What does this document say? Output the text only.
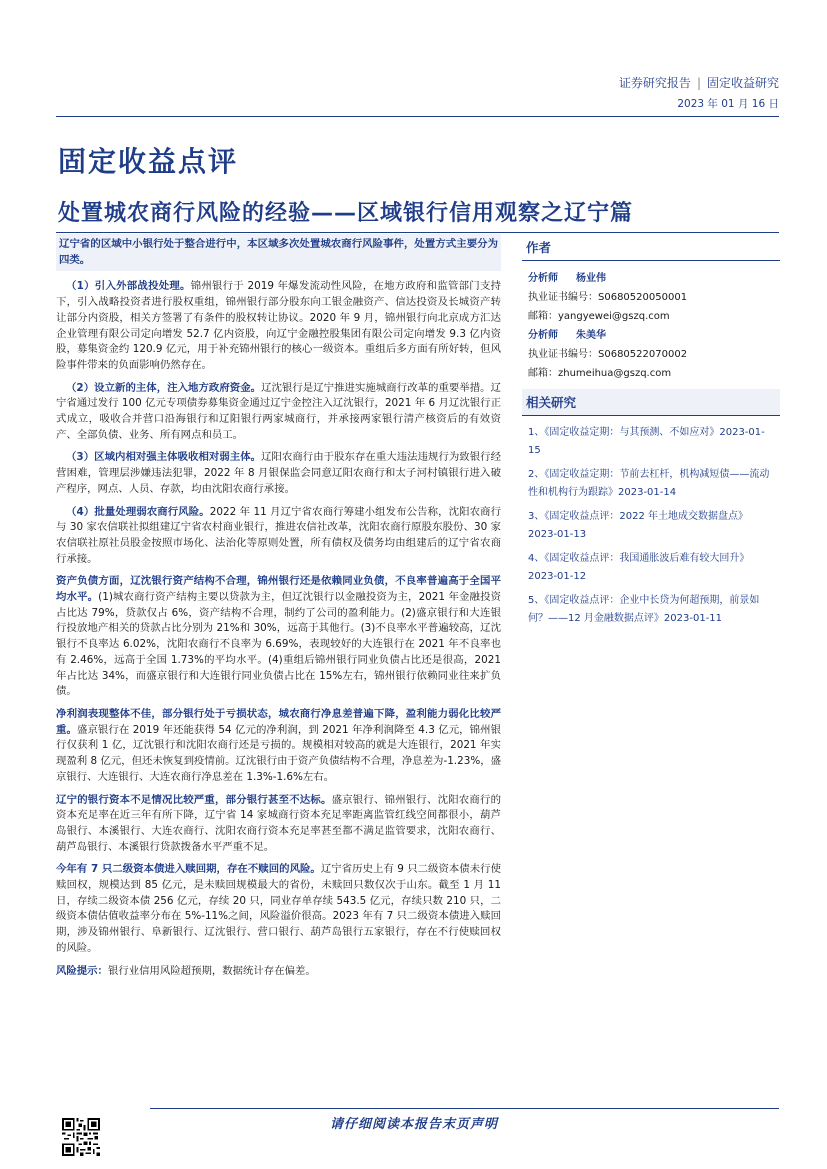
证券研究报告 | 固定收益研究
2023 年 01 月 16 日
固定收益点评
处置城农商行风险的经验——区域银行信用观察之辽宁篇

辽宁省的区域中小银行处于整合进行中，本区域多次处置城农商行风险事件，处置方式主要分为四类。

（1）引入外部战投处理。锦州银行于 2019 年爆发流动性风险，在地方政府和监管部门支持下，引入战略投资者进行股权重组，锦州银行部分股东向工银金融资产、信达投资及长城资产转让部分内资股，相关方签署了有条件的股权转让协议。2020 年 9 月，锦州银行向北京成方汇达企业管理有限公司定向增发 52.7 亿内资股，向辽宁金融控股集团有限公司定向增发 9.3 亿内资股，募集资金约 120.9 亿元，用于补充锦州银行的核心一级资本。重组后多方面有所好转，但风险事件带来的负面影响仍然存在。

（2）设立新的主体，注入地方政府资金。辽沈银行是辽宁推进实施城商行改革的重要举措。辽宁省通过发行 100 亿元专项债券募集资金通过辽宁金控注入辽沈银行，2021 年 6 月辽沈银行正式成立，吸收合并营口沿海银行和辽阳银行两家城商行，并承接两家银行清产核资后的有效资产、全部负债、业务、所有网点和员工。

（3）区域内相对强主体吸收相对弱主体。辽阳农商行由于股东存在重大违法违规行为致银行经营困难，管理层涉嫌违法犯罪，2022 年 8 月银保监会同意辽阳农商行和太子河村镇银行进入破产程序，网点、人员、存款，均由沈阳农商行承接。

（4）批量处理弱农商行风险。2022 年 11 月辽宁省农商行筹建小组发布公告称，沈阳农商行与 30 家农信联社拟组建辽宁省农村商业银行，推进农信社改革，沈阳农商行原股东股份、30 家农信联社原社员股金按照市场化、法治化等原则处置，所有债权及债务均由组建后的辽宁省农商行承接。

资产负债方面，辽沈银行资产结构不合理，锦州银行还是依赖同业负债，不良率普遍高于全国平均水平。(1)城农商行资产结构主要以贷款为主，但辽沈银行以金融投资为主，2021 年金融投资占比达 79%，贷款仅占 6%，资产结构不合理，制约了公司的盈利能力。(2)盛京银行和大连银行投放地产相关的贷款占比分别为 21%和 30%，远高于其他行。(3)不良率水平普遍较高，辽沈银行不良率达 6.02%，沈阳农商行不良率为 6.69%，表现较好的大连银行在 2021 年不良率也有 2.46%，远高于全国 1.73%的平均水平。(4)重组后锦州银行同业负债占比还是很高，2021 年占比达 34%，而盛京银行和大连银行同业负债占比在 15%左右，锦州银行依赖同业往来扩负债。

净利润表现整体不佳，部分银行处于亏损状态，城农商行净息差普遍下降，盈利能力弱化比较严重。盛京银行在 2019 年还能获得 54 亿元的净利润，到 2021 年净利润降至 4.3 亿元，锦州银行仅获利 1 亿，辽沈银行和沈阳农商行还是亏损的。规模相对较高的就是大连银行，2021 年实现盈利 8 亿元，但还未恢复到疫情前。辽沈银行由于资产负债结构不合理，净息差为-1.23%，盛京银行、大连银行、大连农商行净息差在 1.3%-1.6%左右。

辽宁的银行资本不足情况比较严重，部分银行甚至不达标。盛京银行、锦州银行、沈阳农商行的资本充足率在近三年有所下降，辽宁省 14 家城商行资本充足率距离监管红线空间都很小，葫芦岛银行、本溪银行、大连农商行、沈阳农商行资本充足率甚至都不满足监管要求，沈阳农商行、葫芦岛银行、本溪银行贷款拨备水平严重不足。

今年有 7 只二级资本债进入赎回期，存在不赎回的风险。辽宁省历史上有 9 只二级资本债未行使赎回权，规模达到 85 亿元，是未赎回规模最大的省份，未赎回只数仅次于山东。截至 1 月 11 日，存续二级资本债 256 亿元，存续 20 只，同业存单存续 543.5 亿元，存续只数 210 只，二级资本债估值收益率分布在 5%-11%之间，风险溢价很高。2023 年有 7 只二级资本债进入赎回期，涉及锦州银行、阜新银行、辽沈银行、营口银行、葫芦岛银行五家银行，存在不行使赎回权的风险。

风险提示：银行业信用风险超预期，数据统计存在偏差。

作者
分析师 杨业伟
执业证书编号：S0680520050001
邮箱：yangyewei@gszq.com
分析师 朱美华
执业证书编号：S0680522070002
邮箱：zhumeihua@gszq.com
相关研究
1、《固定收益定期：与其预测、不如应对》2023-01-15
2、《固定收益定期：节前去杠杆，机构减短债——流动性和机构行为跟踪》2023-01-14
3、《固定收益点评：2022 年土地成交数据盘点》2023-01-13
4、《固定收益点评：我国通胀波后难有较大回升》2023-01-12
5、《固定收益点评：企业中长贷为何超预期，前景如何？——12 月金融数据点评》2023-01-11
请仔细阅读本报告末页声明
